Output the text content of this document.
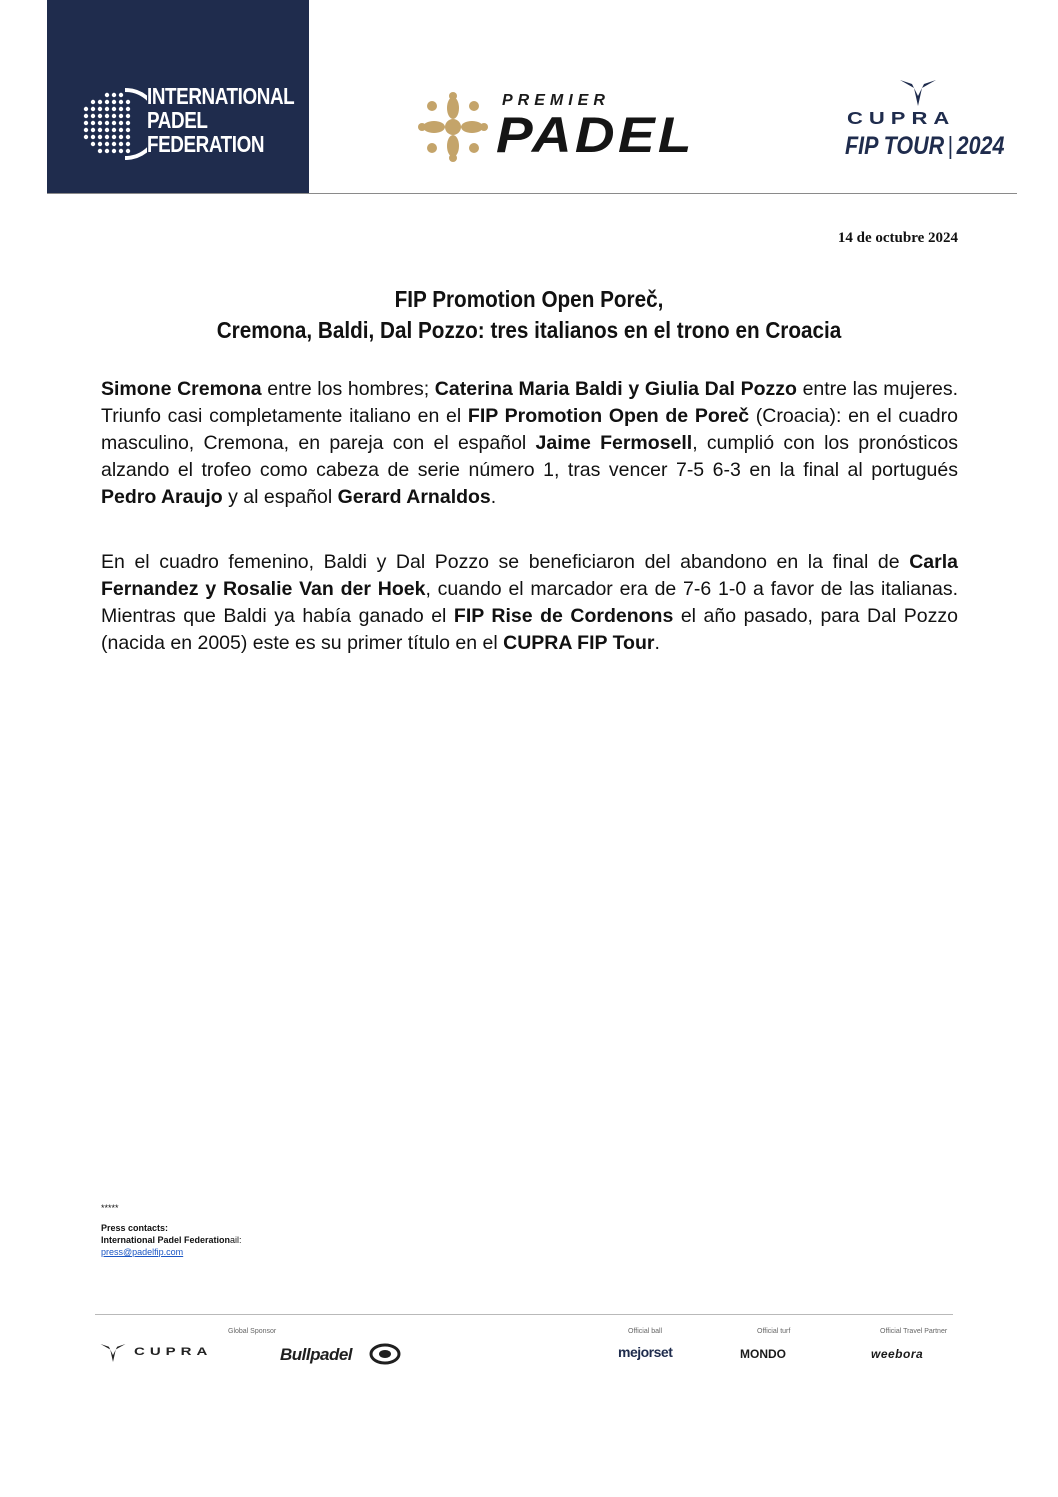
INTERNATIONAL
PADEL
FEDERATION
PREMIER
PADEL	CUPRA
FIP TOUR | 2024
14 de octubre 2024
FIP Promotion Open Poreč,
Cremona, Baldi, Dal Pozzo: tres italianos en el trono en Croacia
Simone Cremona entre los hombres; Caterina Maria Baldi y Giulia Dal Pozzo entre las mujeres. Triunfo casi completamente italiano en el FIP Promotion Open de Poreč (Croacia): en el cuadro masculino, Cremona, en pareja con el español Jaime Fermosell, cumplió con los pronósticos alzando el trofeo como cabeza de serie número 1, tras vencer 7-5 6-3 en la final al portugués Pedro Araujo y al español Gerard Arnaldos.
En el cuadro femenino, Baldi y Dal Pozzo se beneficiaron del abandono en la final de Carla Fernandez y Rosalie Van der Hoek, cuando el marcador era de 7-6 1-0 a favor de las italianas. Mientras que Baldi ya había ganado el FIP Rise de Cordenons el año pasado, para Dal Pozzo (nacida en 2005) este es su primer título en el CUPRA FIP Tour.
*****
Press contacts:
International Padel Federationail:
press@padelfip.com
Global Sponsor	Official ball	Official turf	Official Travel Partner
CUPRA	Bullpadel	mejorset	MONDO	weebora
